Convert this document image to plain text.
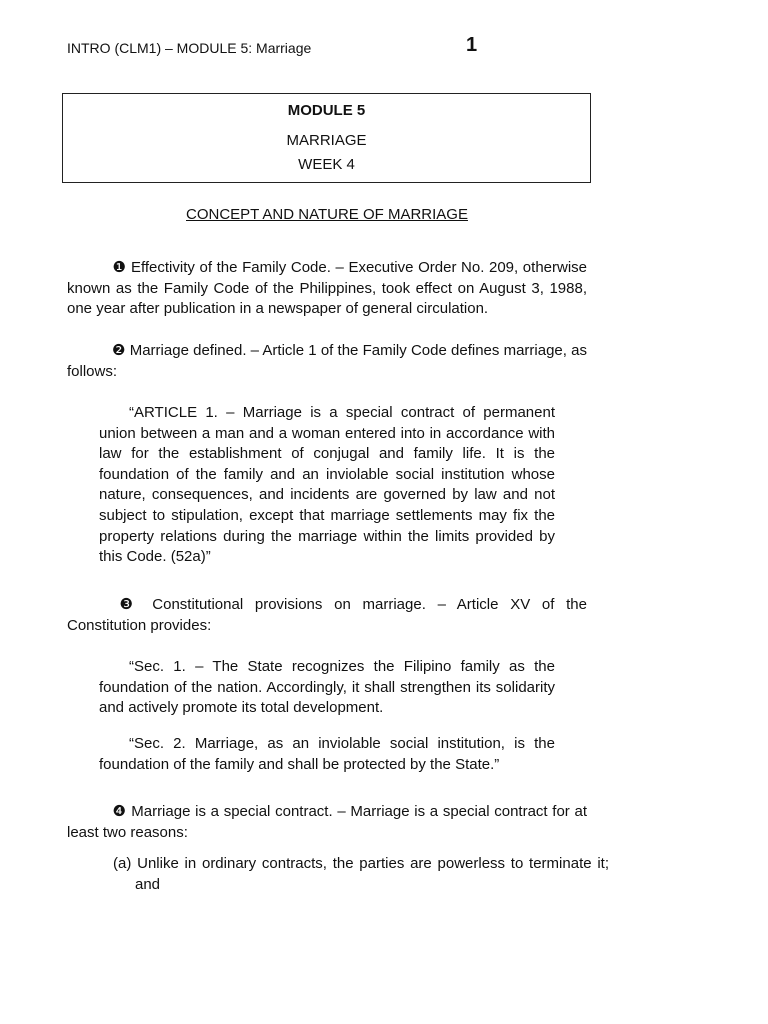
INTRO (CLM1) – MODULE 5: Marriage	1
MODULE 5
MARRIAGE
WEEK 4
CONCEPT AND NATURE OF MARRIAGE
❶ Effectivity of the Family Code. – Executive Order No. 209, otherwise known as the Family Code of the Philippines, took effect on August 3, 1988, one year after publication in a newspaper of general circulation.
❷ Marriage defined. – Article 1 of the Family Code defines marriage, as follows:
“ARTICLE 1. – Marriage is a special contract of permanent union between a man and a woman entered into in accordance with law for the establishment of conjugal and family life. It is the foundation of the family and an inviolable social institution whose nature, consequences, and incidents are governed by law and not subject to stipulation, except that marriage settlements may fix the property relations during the marriage within the limits provided by this Code. (52a)”
❸ Constitutional provisions on marriage. – Article XV of the Constitution provides:
“Sec. 1. – The State recognizes the Filipino family as the foundation of the nation. Accordingly, it shall strengthen its solidarity and actively promote its total development.
“Sec. 2. Marriage, as an inviolable social institution, is the foundation of the family and shall be protected by the State.”
❹ Marriage is a special contract. – Marriage is a special contract for at least two reasons:
(a) Unlike in ordinary contracts, the parties are powerless to terminate it; and
